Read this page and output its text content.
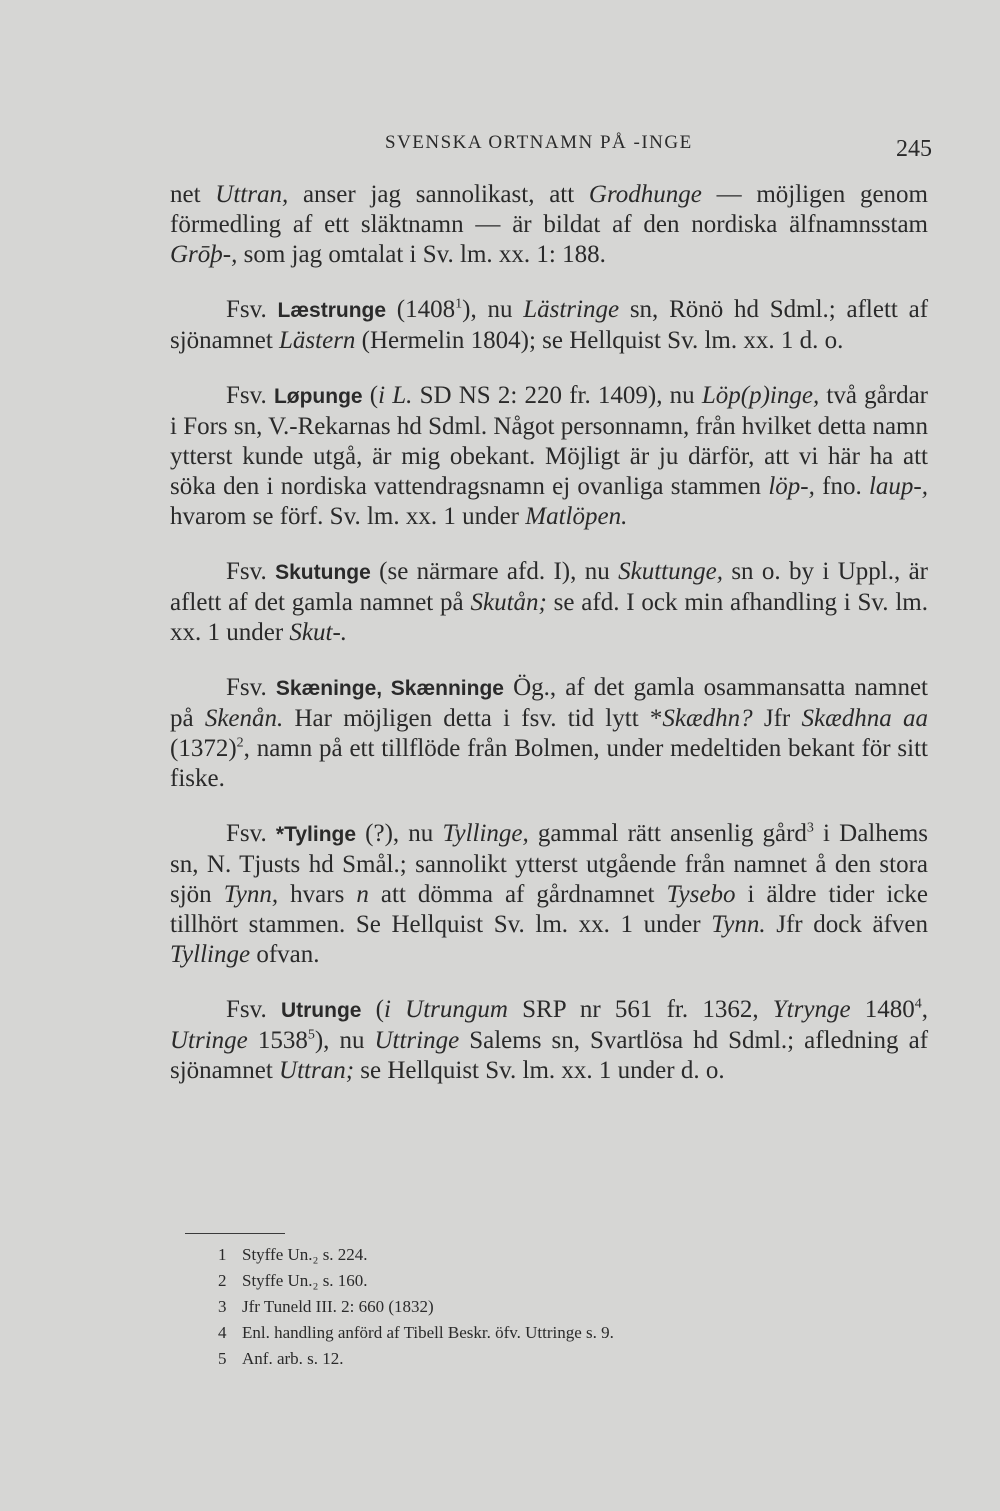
SVENSKA ORTNAMN PÅ -INGE	245

net Uttran, anser jag sannolikast, att Grodhunge — möjligen genom förmedling af ett släktnamn — är bildat af den nordiska älfnamnsstam Grōþ-, som jag omtalat i Sv. lm. xx. 1: 188.

Fsv. Læstrunge (1408$^1$), nu Lästringe sn, Rönö hd Sdml.; aflett af sjönamnet Lästern (Hermelin 1804); se Hellquist Sv. lm. xx. 1 d. o.

Fsv. Løpunge (i L. SD NS 2: 220 fr. 1409), nu Löp(p)inge, två gårdar i Fors sn, V.-Rekarnas hd Sdml. Något personnamn, från hvilket detta namn ytterst kunde utgå, är mig obekant. Möjligt är ju därför, att vi här ha att söka den i nordiska vattendragsnamn ej ovanliga stammen löp-, fno. laup-, hvarom se förf. Sv. lm. xx. 1 under Matlöpen.

Fsv. Skutunge (se närmare afd. I), nu Skuttunge, sn o. by i Uppl., är aflett af det gamla namnet på Skutån; se afd. I ock min afhandling i Sv. lm. xx. 1 under Skut-.

Fsv. Skæninge, Skænninge Ög., af det gamla osammansatta namnet på Skenån. Har möjligen detta i fsv. tid lytt *Skædhn? Jfr Skædhna aa $(1372)^2$, namn på ett tillflöde från Bolmen, under medeltiden bekant för sitt fiske.

Fsv. *Tylinge (?), nu Tyllinge, gammal rätt ansenlig gård$^3$ i Dalhems sn, N. Tjusts hd Smål.; sannolikt ytterst utgående från namnet å den stora sjön Tynn, hvars n att dömma af gårdnamnet Tysebo i äldre tider icke tillhört stammen. Se Hellquist Sv. lm. xx. 1 under Tynn. Jfr dock äfven Tyllinge ofvan.

Fsv. Utrunge (i Utrungum SRP nr 561 fr. 1362, Ytrynge 1480$^4$, Utringe 1538$^5$), nu Uttringe Salems sn, Svartlösa hd Sdml.; afledning af sjönamnet Uttran; se Hellquist Sv. lm. xx. 1 under d. o.

1 Styffe Un.₂ s. 224.
2 Styffe Un.₂ s. 160.
3 Jfr Tuneld III. 2: 660 (1832)
4 Enl. handling anförd af Tibell Beskr. öfv. Uttringe s. 9.
5 Anf. arb. s. 12.
